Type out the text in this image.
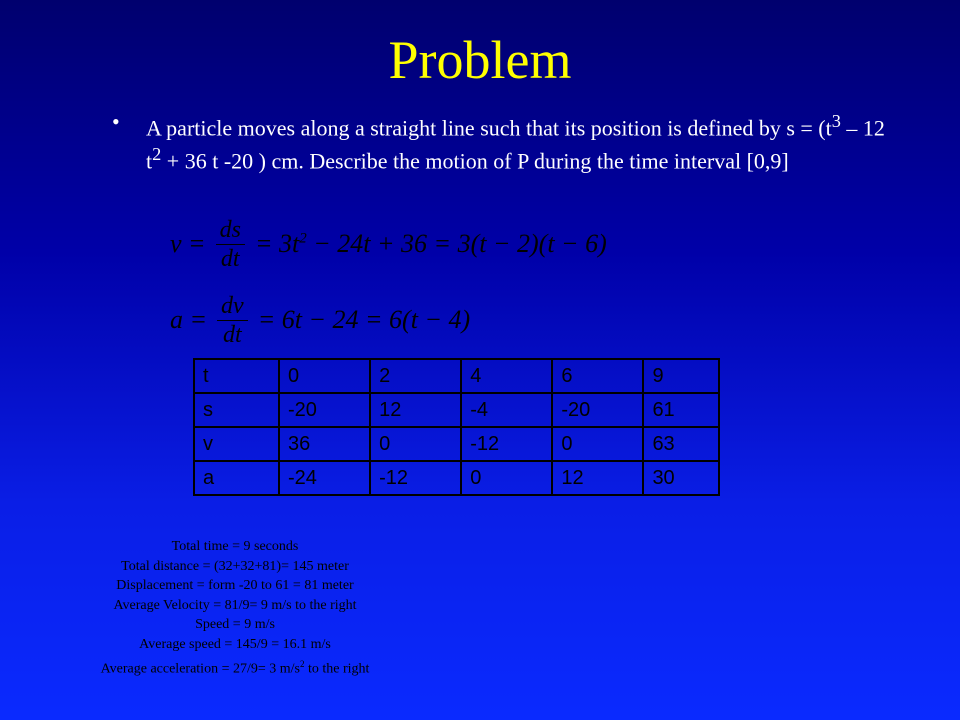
Problem
• A particle moves along a straight line such that its position is defined by $s = (t^3 - 12$ $t^2 + 36$ t -20 ) cm. Describe the motion of P during the time interval [0,9]
$v = \frac{ds}{dt} = 3t^2 - 24t + 36 = 3(t - 2)(t - 6)$
$a = \frac{dv}{dt} = 6t - 24 = 6(t - 4)$
t	0	2	4	6	9
s	-20	12	-4	-20	61
v	36	0	-12	0	63
a	-24	-12	0	12	30
Total time = 9 seconds
Total distance = (32+32+81)= 145 meter
Displacement = form -20 to 61 = 81 meter
Average Velocity = 81/9= 9 m/s to the right
Speed = 9 m/s
Average speed = 145/9 = 16.1 m/s
Average acceleration = 27/9= 3 $m/s^2$ to the right
